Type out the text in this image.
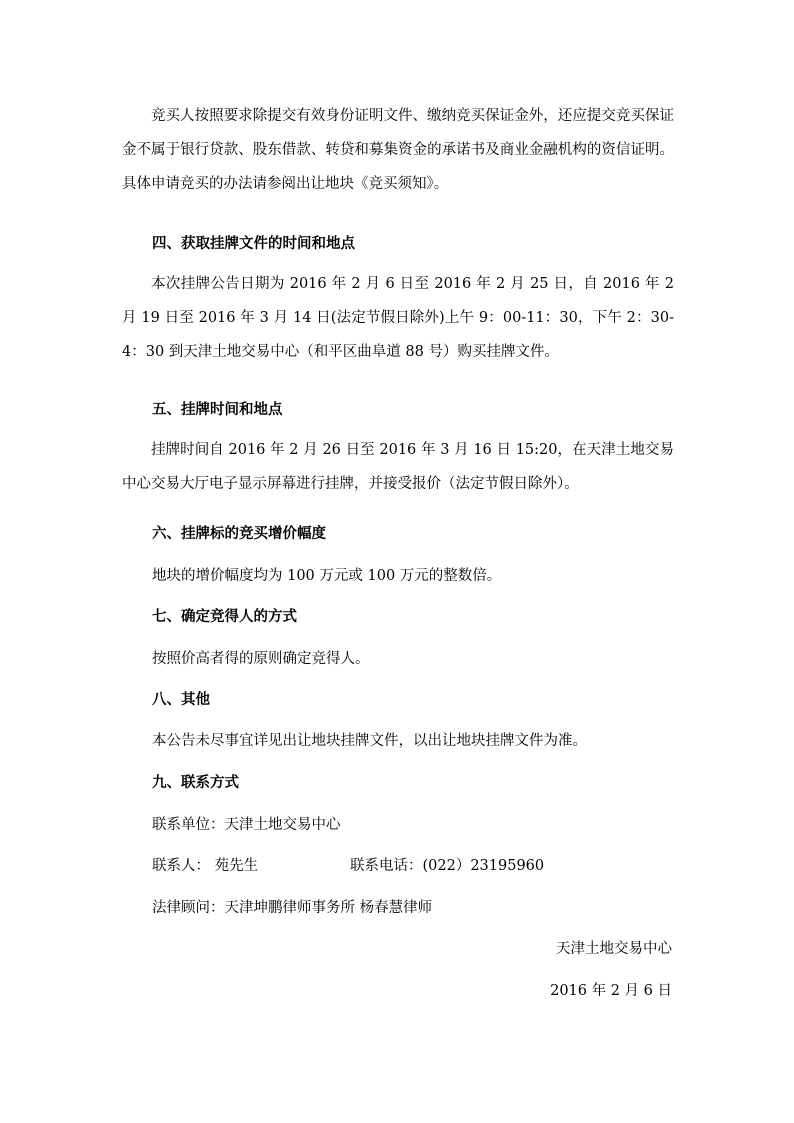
竞买人按照要求除提交有效身份证明文件、缴纳竞买保证金外，还应提交竞买保证金不属于银行贷款、股东借款、转贷和募集资金的承诺书及商业金融机构的资信证明。具体申请竞买的办法请参阅出让地块《竞买须知》。
四、获取挂牌文件的时间和地点
本次挂牌公告日期为 2016 年 2 月 6 日至 2016 年 2 月 25 日，自 2016 年 2 月 19 日至 2016 年 3 月 14 日(法定节假日除外)上午 9：00-11：30，下午 2：30-4：30 到天津土地交易中心（和平区曲阜道 88 号）购买挂牌文件。
五、挂牌时间和地点
挂牌时间自 2016 年 2 月 26 日至 2016 年 3 月 16 日 15:20，在天津土地交易中心交易大厅电子显示屏幕进行挂牌，并接受报价（法定节假日除外）。
六、挂牌标的竞买增价幅度
地块的增价幅度均为 100 万元或 100 万元的整数倍。
七、确定竞得人的方式
按照价高者得的原则确定竞得人。
八、其他
本公告未尽事宜详见出让地块挂牌文件，以出让地块挂牌文件为准。
九、联系方式
联系单位：天津土地交易中心
联系人： 苑先生	联系电话：(022）23195960
法律顾问：天津坤鹏律师事务所 杨春慧律师
天津土地交易中心
2016 年 2 月 6 日
